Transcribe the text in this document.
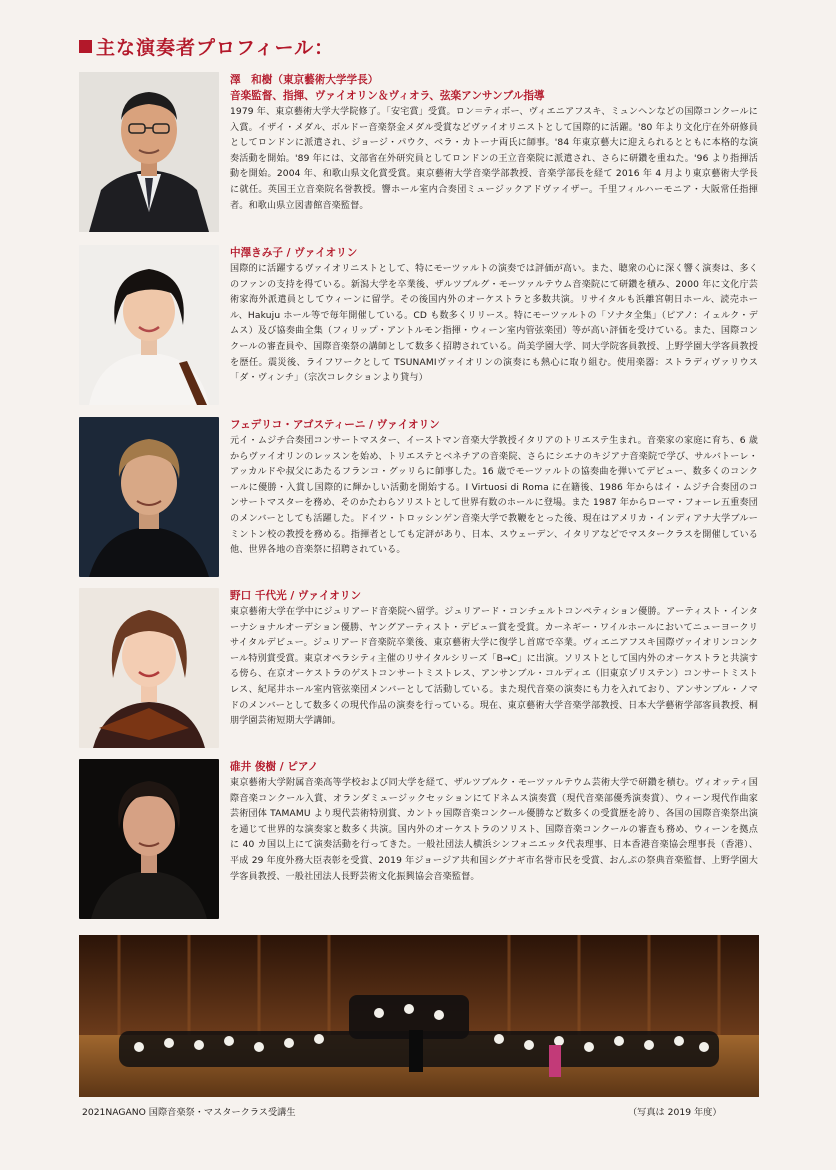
主な演奏者プロフィール：
澤　和樹（東京藝術大学学長）
音楽監督、指揮、ヴァイオリン＆ヴィオラ、弦楽アンサンブル指導

1979 年、東京藝術大学大学院修了。「安宅賞」受賞。ロン＝ティボー、ヴィエニアフスキ、ミュンヘンなどの国際コンクールに入賞。イザイ・メダル、ボルドー音楽祭金メダル受賞などヴァイオリニストとして国際的に活躍。'80 年より文化庁在外研修員としてロンドンに派遣され、ジョージ・パウク、ベラ・カトーナ両氏に師事。'84 年東京藝大に迎えられるとともに本格的な演奏活動を開始。'89 年には、文部省在外研究員としてロンドンの王立音楽院に派遣され、さらに研鑽を重ねた。'96 より指揮活動を開始。2004 年、和歌山県文化賞受賞。東京藝術大学音楽学部教授、音楽学部長を経て 2016 年 4 月より東京藝術大学長に就任。英国王立音楽院名誉教授。響ホール室内合奏団ミュージックアドヴァイザー。千里フィルハーモニア・大阪常任指揮者。和歌山県立図書館音楽監督。

中澤きみ子 / ヴァイオリン

国際的に活躍するヴァイオリニストとして、特にモーツァルトの演奏では評価が高い。また、聴衆の心に深く響く演奏は、多くのファンの支持を得ている。新潟大学を卒業後、ザルツブルグ・モーツァルテウム音楽院にて研鑽を積み、2000 年に文化庁芸術家海外派遣員としてウィーンに留学。その後国内外のオーケストラと多数共演。リサイタルも浜離宮朝日ホール、読売ホール、Hakuju ホール等で毎年開催している。CD も数多くリリース。特にモーツァルトの「ソナタ全集」（ピアノ：イェルク・デムス）及び協奏曲全集（フィリップ・アントルモン指揮・ウィーン室内管弦楽団）等が高い評価を受けている。また、国際コンクールの審査員や、国際音楽祭の講師として数多く招聘されている。尚美学園大学、同大学院客員教授、上野学園大学客員教授を歴任。震災後、ライフワークとして TSUNAMIヴァイオリンの演奏にも熱心に取り組む。使用楽器：ストラディヴァリウス「ダ・ヴィンチ」（宗次コレクションより貸与）

フェデリコ・アゴスティーニ / ヴァイオリン

元イ・ムジチ合奏団コンサートマスター、イーストマン音楽大学教授イタリアのトリエステ生まれ。音楽家の家庭に育ち、6 歳からヴァイオリンのレッスンを始め、トリエステとベネチアの音楽院、さらにシエナのキジアナ音楽院で学び、サルバトーレ・アッカルドや叔父にあたるフランコ・グッリらに師事した。16 歳でモーツァルトの協奏曲を弾いてデビュー、数多くのコンクールに優勝・入賞し国際的に輝かしい活動を開始する。I Virtuosi di Roma に在籍後、1986 年からはイ・ムジチ合奏団のコンサートマスターを務め、そのかたわらソリストとして世界有数のホールに登場。また 1987 年からローマ・フォーレ五重奏団のメンバーとしても活躍した。ドイツ・トロッシンゲン音楽大学で教鞭をとった後、現在はアメリカ・インディアナ大学ブルーミントン校の教授を務める。指揮者としても定評があり、日本、スウェーデン、イタリアなどでマスタークラスを開催している他、世界各地の音楽祭に招聘されている。

野口 千代光 / ヴァイオリン

東京藝術大学在学中にジュリアード音楽院へ留学。ジュリアード・コンチェルトコンペティション優勝。アーティスト・インターナショナルオーデション優勝、ヤングアーティスト・デビュー賞を受賞。カーネギー・ワイルホールにおいてニューヨークリサイタルデビュー。ジュリアード音楽院卒業後、東京藝術大学に復学し首席で卒業。ヴィエニアフスキ国際ヴァイオリンコンクール特別賞受賞。東京オペラシティ主催のリサイタルシリーズ「B→C」に出演。ソリストとして国内外のオーケストラと共演する傍ら、在京オーケストラのゲストコンサートミストレス、アンサンブル・コルディエ（旧東京ゾリステン）コンサートミストレス、紀尾井ホール室内管弦楽団メンバーとして活動している。また現代音楽の演奏にも力を入れており、アンサンブル・ノマドのメンバーとして数多くの現代作品の演奏を行っている。現在、東京藝術大学音楽学部教授、日本大学藝術学部客員教授、桐朋学園芸術短期大学講師。

碓井 俊樹 / ピアノ

東京藝術大学附属音楽高等学校および同大学を経て、ザルツブルク・モーツァルテウム芸術大学で研鑽を積む。ヴィオッティ国際音楽コンクール入賞、オランダミュージックセッションにてドネムス演奏賞（現代音楽部優秀演奏賞）、ウィーン現代作曲家芸術団体 TAMAMU より現代芸術特別賞、カントゥ国際音楽コンクール優勝など数多くの受賞歴を誇り、各国の国際音楽祭出演を通じて世界的な演奏家と数多く共演。国内外のオーケストラのソリスト、国際音楽コンクールの審査も務め、ウィーンを拠点に 40 カ国以上にて演奏活動を行ってきた。一般社団法人横浜シンフォニエッタ代表理事、日本香港音楽協会理事長（香港）、平成 29 年度外務大臣表彰を受賞、2019 年ジョージア共和国シグナギ市名誉市民を受賞、おんぷの祭典音楽監督、上野学園大学客員教授、一般社団法人長野芸術文化振興協会音楽監督。

2021NAGANO 国際音楽祭・マスタークラス受講生	（写真は 2019 年度）
